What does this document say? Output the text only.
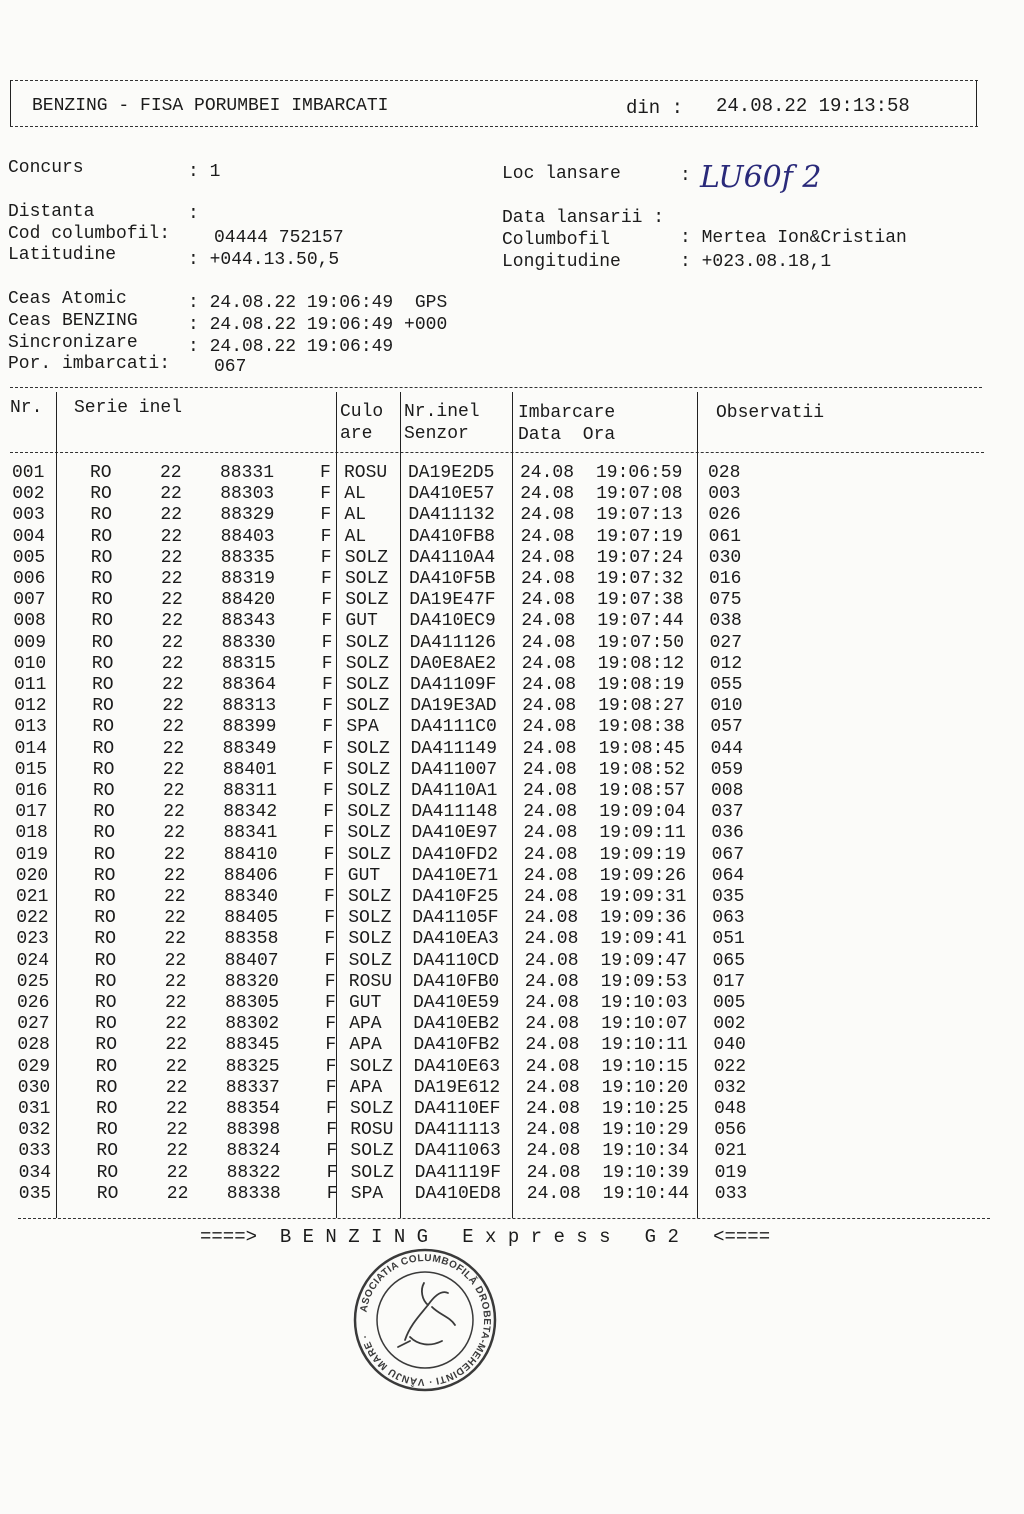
BENZING - FISA PORUMBEI IMBARCATI	din : 24.08.22 19:13:58
Concurs	: 1	Loc lansare	: LU60f 2
Distanta	:	Data lansarii :
Cod columbofil: 04444 752157	Columbofil	: Mertea Ion&Cristian
Latitudine	: +044.13.50,5	Longitudine	: +023.08.18,1
Ceas Atomic	: 24.08.22 19:06:49  GPS
Ceas BENZING	: 24.08.22 19:06:49 +000
Sincronizare	: 24.08.22 19:06:49
Por. imbarcati: 067
Nr. Serie inel	Culo
are
Nr.inel
Senzor
Imbarcare
Data  Ora
Observatii
001	RO	22 88331	F ROSU DA19E2D5 24.08 19:06:59 028
002	RO	22 88303	F AL DA410E57 24.08 19:07:08 003
003	RO	22 88329	F AL DA411132 24.08 19:07:13 026
004	RO	22 88403	F AL DA410FB8 24.08 19:07:19 061
005	RO	22 88335	F SOLZ DA4110A4 24.08 19:07:24 030
006	RO	22 88319	F SOLZ DA410F5B 24.08 19:07:32 016
007	RO	22 88420	F SOLZ DA19E47F 24.08 19:07:38 075
008	RO	22 88343	F GUT DA410EC9 24.08 19:07:44 038
009	RO	22 88330	F SOLZ DA411126 24.08 19:07:50 027
010	RO	22 88315	F SOLZ DA0E8AE2 24.08 19:08:12 012
011	RO	22 88364	F SOLZ DA41109F 24.08 19:08:19 055
012	RO	22 88313	F SOLZ DA19E3AD 24.08 19:08:27 010
013	RO	22 88399	F SPA DA4111C0 24.08 19:08:38 057
014	RO	22 88349	F SOLZ DA411149 24.08 19:08:45 044
015	RO	22 88401	F SOLZ DA411007 24.08 19:08:52 059
016	RO	22 88311	F SOLZ DA4110A1 24.08 19:08:57 008
017	RO	22 88342	F SOLZ DA411148 24.08 19:09:04 037
018	RO	22 88341	F SOLZ DA410E97 24.08 19:09:11 036
019	RO	22 88410	F SOLZ DA410FD2 24.08 19:09:19 067
020	RO	22 88406	F GUT DA410E71 24.08 19:09:26 064
021	RO	22 88340	F SOLZ DA410F25 24.08 19:09:31 035
022	RO	22 88405	F SOLZ DA41105F 24.08 19:09:36 063
023	RO	22 88358	F SOLZ DA410EA3 24.08 19:09:41 051
024	RO	22 88407	F SOLZ DA4110CD 24.08 19:09:47 065
025	RO	22 88320	F ROSU DA410FB0 24.08 19:09:53 017
026	RO	22 88305	F GUT DA410E59 24.08 19:10:03 005
027	RO	22 88302	F APA DA410EB2 24.08 19:10:07 002
028	RO	22 88345	F APA DA410FB2 24.08 19:10:11 040
029	RO	22 88325	F SOLZ DA410E63 24.08 19:10:15 022
030	RO	22 88337	F APA DA19E612 24.08 19:10:20 032
031	RO	22 88354	F SOLZ DA4110EF 24.08 19:10:25 048
032	RO	22 88398	F ROSU DA411113 24.08 19:10:29 056
033	RO	22 88324	F SOLZ DA411063 24.08 19:10:34 021
034	RO	22 88322	F SOLZ DA41119F 24.08 19:10:39 019
035	RO	22 88338	F SPA DA410ED8 24.08 19:10:44 033
====>  B E N Z I N G   E x p r e s s   G 2   <====
ASOCIATIA COLUMBOFILĂ DROBETA-MEHEDINTI · VÂNJU MARE ·
